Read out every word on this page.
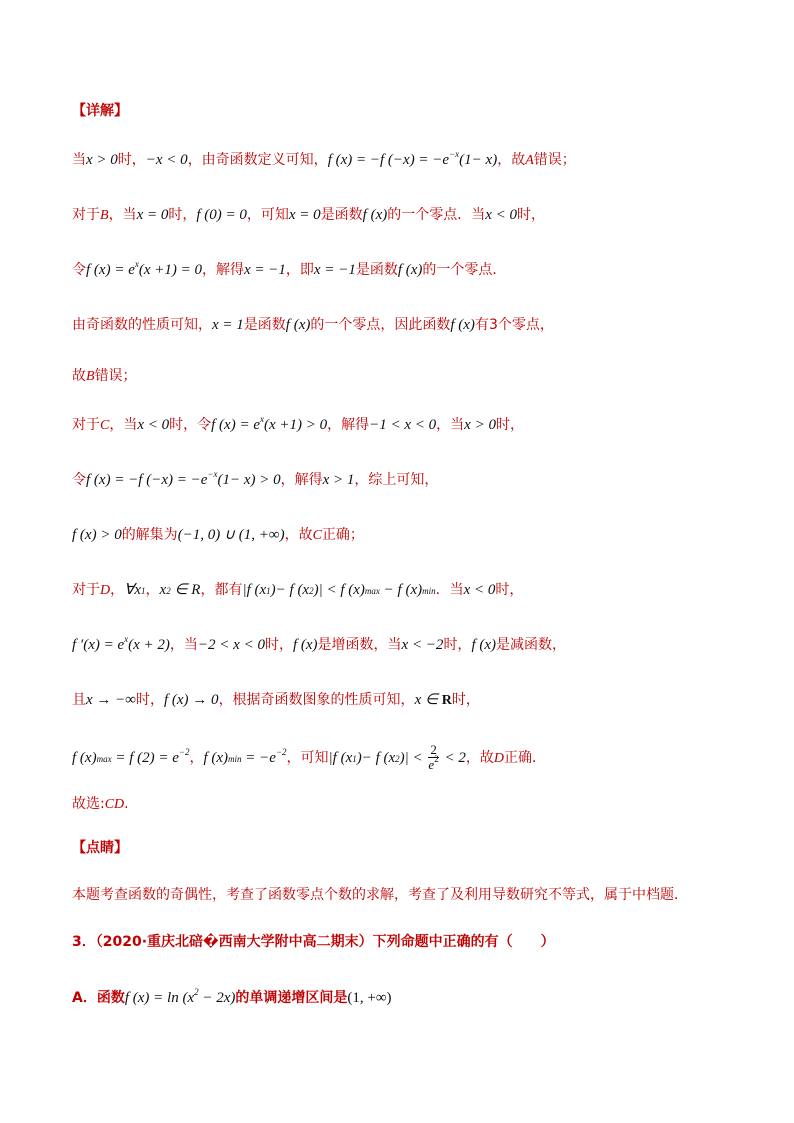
【详解】
当x > 0时，−x < 0，由奇函数定义可知，f (x) = −f $(-x) = -e^{-x}(1- x)$，故A错误；
对于B，当x = 0时，f (0) = 0，可知x = 0是函数f (x)的一个零点．当x < 0时，
令f $(x) = e^x(x +1) = 0$，解得x = −1，即x = −1是函数f (x)的一个零点．
由奇函数的性质可知，x = 1是函数f (x)的一个零点，因此函数f (x)有3个零点，
故B错误；
对于C，当x < 0时，令f $(x) = e^x(x +1) > 0$，解得−1 < x < 0，当x > 0时，
令f (x) = −f $(-x) = -e^{-x}(1- x) > 0$，解得x > 1，综上可知，
f (x) > 0的解集为(−1, 0) ∪ (1, +∞)，故C正确；
对于D，∀x1，x2 ∈ R，都有|f (x1)− f (x2)| < f (x)max − f (x)min．当x < 0时，
f $'(x) = e^x(x + 2)$，当−2 < x < 0时，f (x)是增函数，当x < −2时，f (x)是减函数，
且x → −∞时，f (x) → 0，根据奇函数图象的性质可知，x ∈ R时，
f (x)max = f $(2) = e^{-2}$，f $(x)\min = -e^{-2}$，可知|f (x1)− f $(x2)| < \frac{2}{e^2} < 2$，故D正确．
故选:CD.
【点睛】
本题考查函数的奇偶性，考查了函数零点个数的求解，考查了及利用导数研究不等式，属于中档题．
3．（2020·重庆北碚�西南大学附中高二期末）下列命题中正确的有（　　）
A．函数f $(x) = \ln (x^2 - 2x)$的单调递增区间是(1, +∞)
